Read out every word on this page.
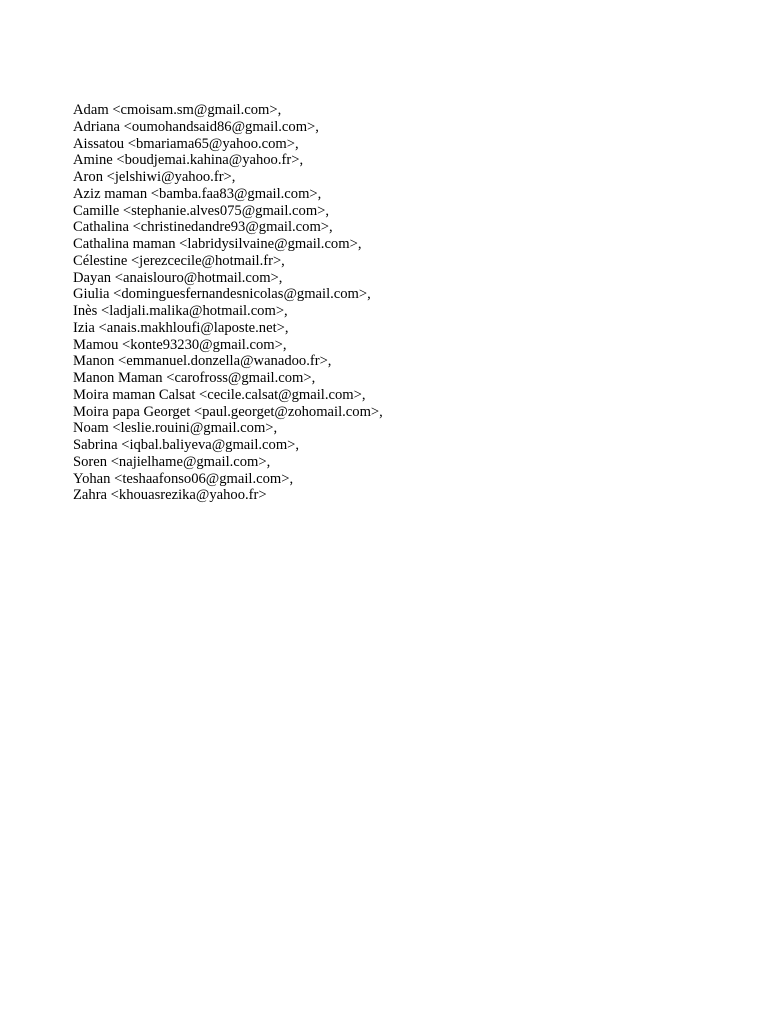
Adam <cmoisam.sm@gmail.com>,
Adriana <oumohandsaid86@gmail.com>,
Aissatou <bmariama65@yahoo.com>,
Amine <boudjemai.kahina@yahoo.fr>,
Aron <jelshiwi@yahoo.fr>,
Aziz maman <bamba.faa83@gmail.com>,
Camille <stephanie.alves075@gmail.com>,
Cathalina <christinedandre93@gmail.com>,
Cathalina maman <labridysilvaine@gmail.com>,
Célestine <jerezcecile@hotmail.fr>,
Dayan <anaislouro@hotmail.com>,
Giulia <dominguesfernandesnicolas@gmail.com>,
Inès <ladjali.malika@hotmail.com>,
Izia <anais.makhloufi@laposte.net>,
Mamou <konte93230@gmail.com>,
Manon <emmanuel.donzella@wanadoo.fr>,
Manon Maman <carofross@gmail.com>,
Moira maman Calsat <cecile.calsat@gmail.com>,
Moira papa Georget <paul.georget@zohomail.com>,
Noam <leslie.rouini@gmail.com>,
Sabrina <iqbal.baliyeva@gmail.com>,
Soren <najielhame@gmail.com>,
Yohan <teshaafonso06@gmail.com>,
Zahra <khouasrezika@yahoo.fr>
